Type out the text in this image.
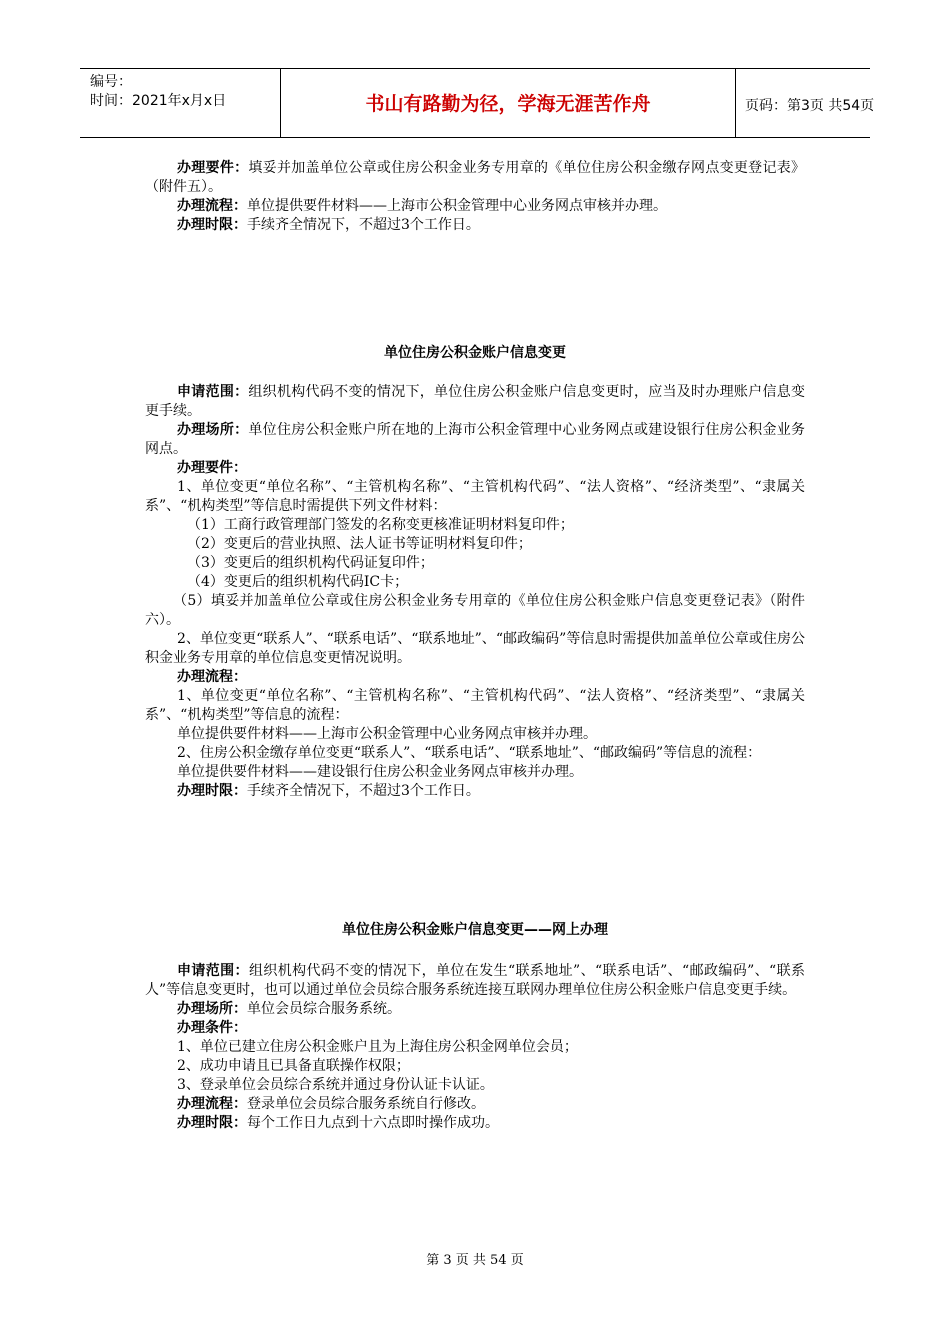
编号：
时间：2021年x月x日	书山有路勤为径，学海无涯苦作舟	页码：第3页 共54页

办理要件：填妥并加盖单位公章或住房公积金业务专用章的《单位住房公积金缴存网点变更登记表》（附件五）。

办理流程：单位提供要件材料——上海市公积金管理中心业务网点审核并办理。

办理时限：手续齐全情况下，不超过3个工作日。

单位住房公积金账户信息变更

申请范围：组织机构代码不变的情况下，单位住房公积金账户信息变更时，应当及时办理账户信息变更手续。

办理场所：单位住房公积金账户所在地的上海市公积金管理中心业务网点或建设银行住房公积金业务网点。

办理要件：

1、单位变更“单位名称”、“主管机构名称”、“主管机构代码”、“法人资格”、“经济类型”、“隶属关系”、“机构类型”等信息时需提供下列文件材料：

（1）工商行政管理部门签发的名称变更核准证明材料复印件；

（2）变更后的营业执照、法人证书等证明材料复印件；

（3）变更后的组织机构代码证复印件；

（4）变更后的组织机构代码IC卡；

（5）填妥并加盖单位公章或住房公积金业务专用章的《单位住房公积金账户信息变更登记表》（附件六）。

2、单位变更“联系人”、“联系电话”、“联系地址”、“邮政编码”等信息时需提供加盖单位公章或住房公积金业务专用章的单位信息变更情况说明。

办理流程：

1、单位变更“单位名称”、“主管机构名称”、“主管机构代码”、“法人资格”、“经济类型”、“隶属关系”、“机构类型”等信息的流程：

单位提供要件材料——上海市公积金管理中心业务网点审核并办理。

2、住房公积金缴存单位变更“联系人”、“联系电话”、“联系地址”、“邮政编码”等信息的流程：

单位提供要件材料——建设银行住房公积金业务网点审核并办理。

办理时限：手续齐全情况下，不超过3个工作日。

单位住房公积金账户信息变更——网上办理

申请范围：组织机构代码不变的情况下，单位在发生“联系地址”、“联系电话”、“邮政编码”、“联系人”等信息变更时，也可以通过单位会员综合服务系统连接互联网办理单位住房公积金账户信息变更手续。

办理场所：单位会员综合服务系统。

办理条件：

1、单位已建立住房公积金账户且为上海住房公积金网单位会员；

2、成功申请且已具备直联操作权限；

3、登录单位会员综合系统并通过身份认证卡认证。

办理流程：登录单位会员综合服务系统自行修改。

办理时限：每个工作日九点到十六点即时操作成功。

第 3 页 共 54 页
